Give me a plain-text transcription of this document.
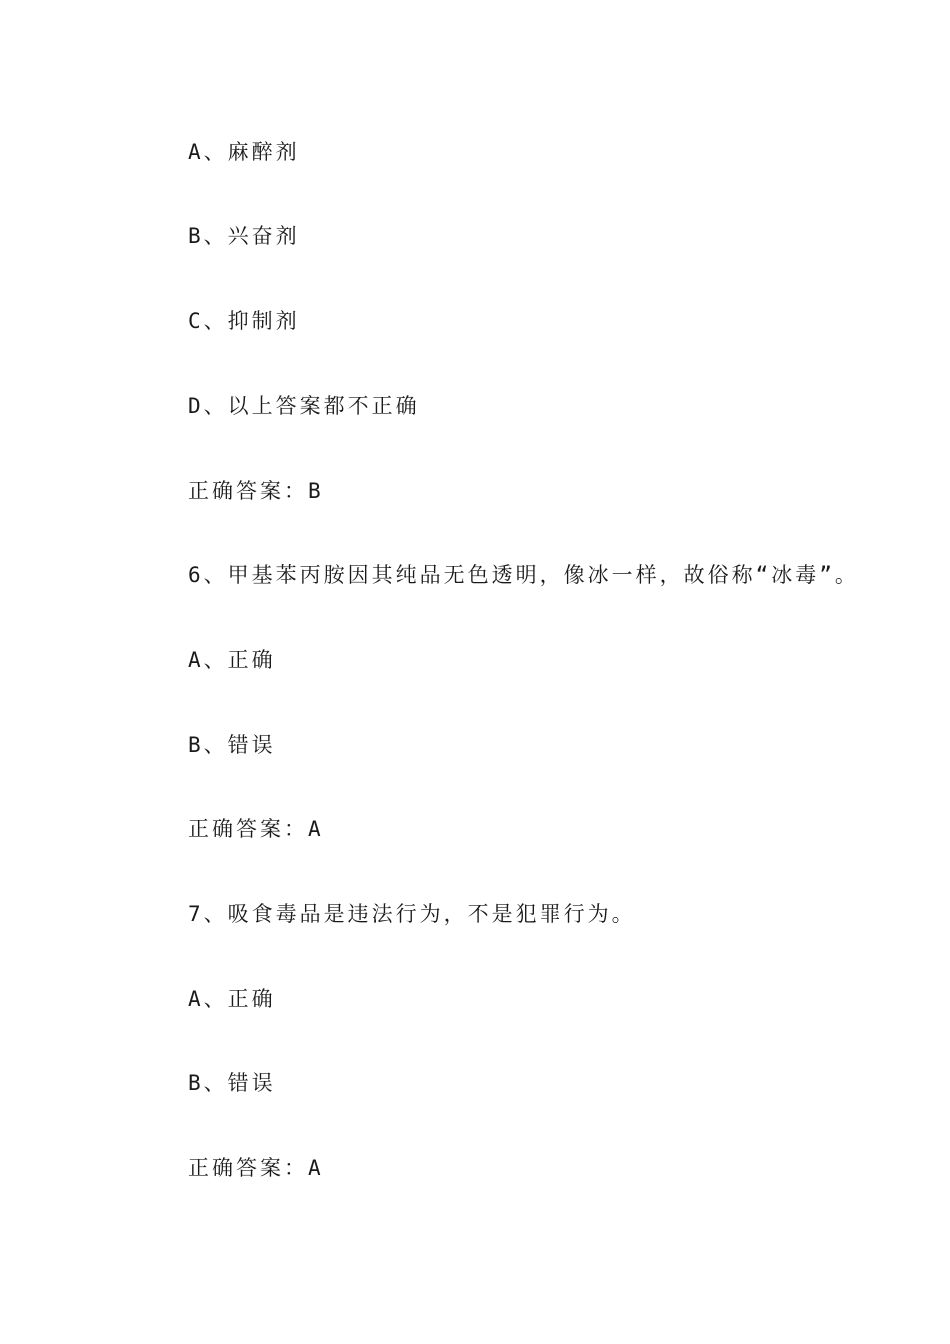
A、麻醉剂
B、兴奋剂
C、抑制剂
D、以上答案都不正确
正确答案：B
6、甲基苯丙胺因其纯品无色透明，像冰一样，故俗称“冰毒”。
A、正确
B、错误
正确答案：A
7、吸食毒品是违法行为，不是犯罪行为。
A、正确
B、错误
正确答案：A
